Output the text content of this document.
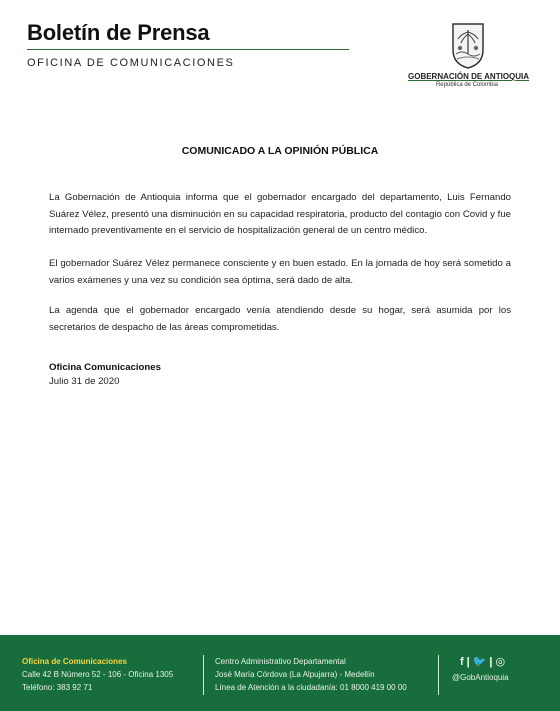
Boletín de Prensa
OFICINA DE COMUNICACIONES
GOBERNACIÓN DE ANTIOQUIA
República de Colombia
COMUNICADO A LA OPINIÓN PÚBLICA
La Gobernación de Antioquia informa que el gobernador encargado del departamento, Luis Fernando Suárez Vélez, presentó una disminución en su capacidad respiratoria, producto del contagio con Covid y fue internado preventivamente en el servicio de hospitalización general de un centro médico.
El gobernador Suárez Vélez permanece consciente y en buen estado. En la jornada de hoy será sometido a varios exámenes y una vez su condición sea óptima, será dado de alta.
La agenda que el gobernador encargado venía atendiendo desde su hogar, será asumida por los secretarios de despacho de las áreas comprometidas.
Oficina Comunicaciones
Julio 31 de 2020
Oficina de Comunicaciones
Calle 42 B Número 52 - 106 - Oficina 1305
Teléfono: 383 92 71
Centro Administrativo Departamental
José María Córdova (La Alpujarra) - Medellín
Línea de Atención a la ciudadanía: 01 8000 419 00 00
f|🐦|◎
@GobAntioquia
